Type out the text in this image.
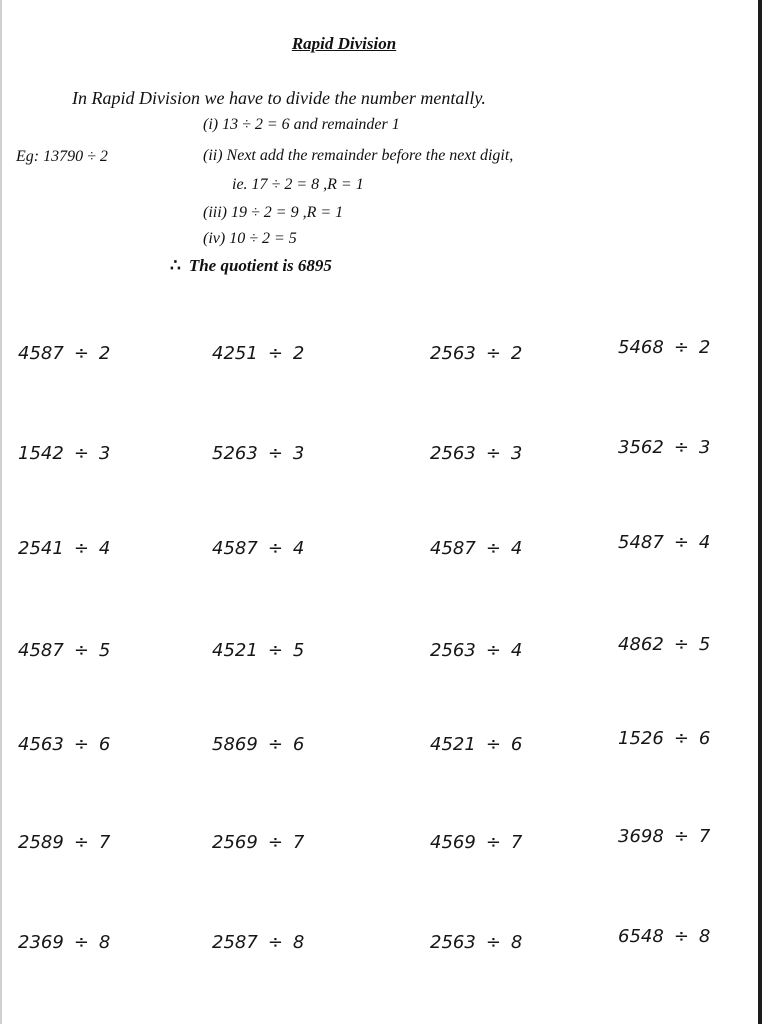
Rapid Division
In Rapid Division we have to divide the number mentally.
Eg: 13790 ÷ 2
(i) 13 ÷ 2 = 6 and remainder 1
(ii) Next add the remainder before the next digit,
ie. 17 ÷ 2 = 8 ,R = 1
(iii) 19 ÷ 2 = 9 ,R = 1
(iv) 10 ÷ 2 = 5
∴ The quotient is 6895
4587 ÷ 2	4251 ÷ 2	2563 ÷ 2	5468 ÷ 2
1542 ÷ 3	5263 ÷ 3	2563 ÷ 3	3562 ÷ 3
2541 ÷ 4	4587 ÷ 4	4587 ÷ 4	5487 ÷ 4
4587 ÷ 5	4521 ÷ 5	2563 ÷ 4	4862 ÷ 5
4563 ÷ 6	5869 ÷ 6	4521 ÷ 6	1526 ÷ 6
2589 ÷ 7	2569 ÷ 7	4569 ÷ 7	3698 ÷ 7
2369 ÷ 8	2587 ÷ 8	2563 ÷ 8	6548 ÷ 8
